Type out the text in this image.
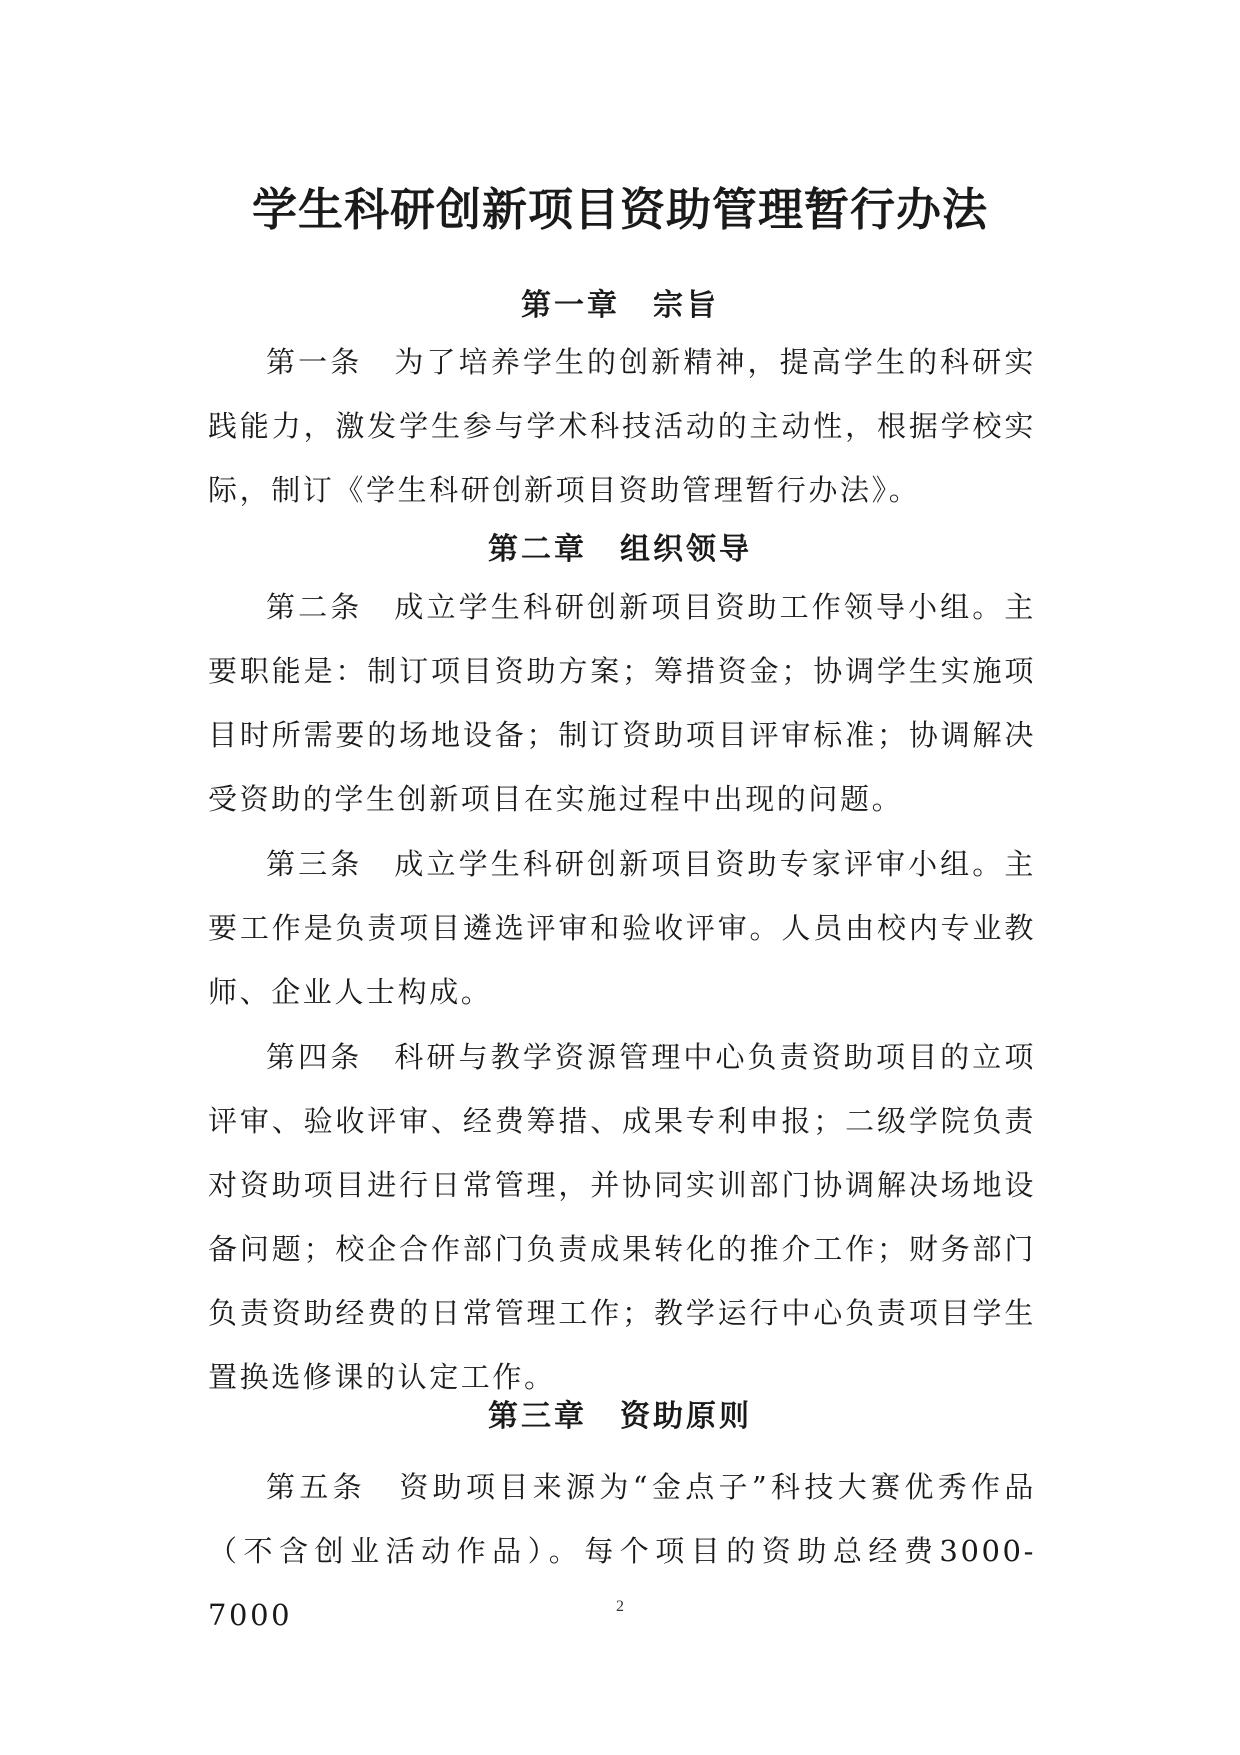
学生科研创新项目资助管理暂行办法
第一章　宗旨

第一条　为了培养学生的创新精神，提高学生的科研实践能力，激发学生参与学术科技活动的主动性，根据学校实际，制订《学生科研创新项目资助管理暂行办法》。

第二章　组织领导

第二条　成立学生科研创新项目资助工作领导小组。主要职能是：制订项目资助方案；筹措资金；协调学生实施项目时所需要的场地设备；制订资助项目评审标准；协调解决受资助的学生创新项目在实施过程中出现的问题。

第三条　成立学生科研创新项目资助专家评审小组。主要工作是负责项目遴选评审和验收评审。人员由校内专业教师、企业人士构成。

第四条　科研与教学资源管理中心负责资助项目的立项评审、验收评审、经费筹措、成果专利申报；二级学院负责对资助项目进行日常管理，并协同实训部门协调解决场地设备问题；校企合作部门负责成果转化的推介工作；财务部门负责资助经费的日常管理工作；教学运行中心负责项目学生置换选修课的认定工作。

第三章　资助原则

第五条　资助项目来源为“金点子”科技大赛优秀作品（不含创业活动作品）。每个项目的资助总经费3000-7000	2
